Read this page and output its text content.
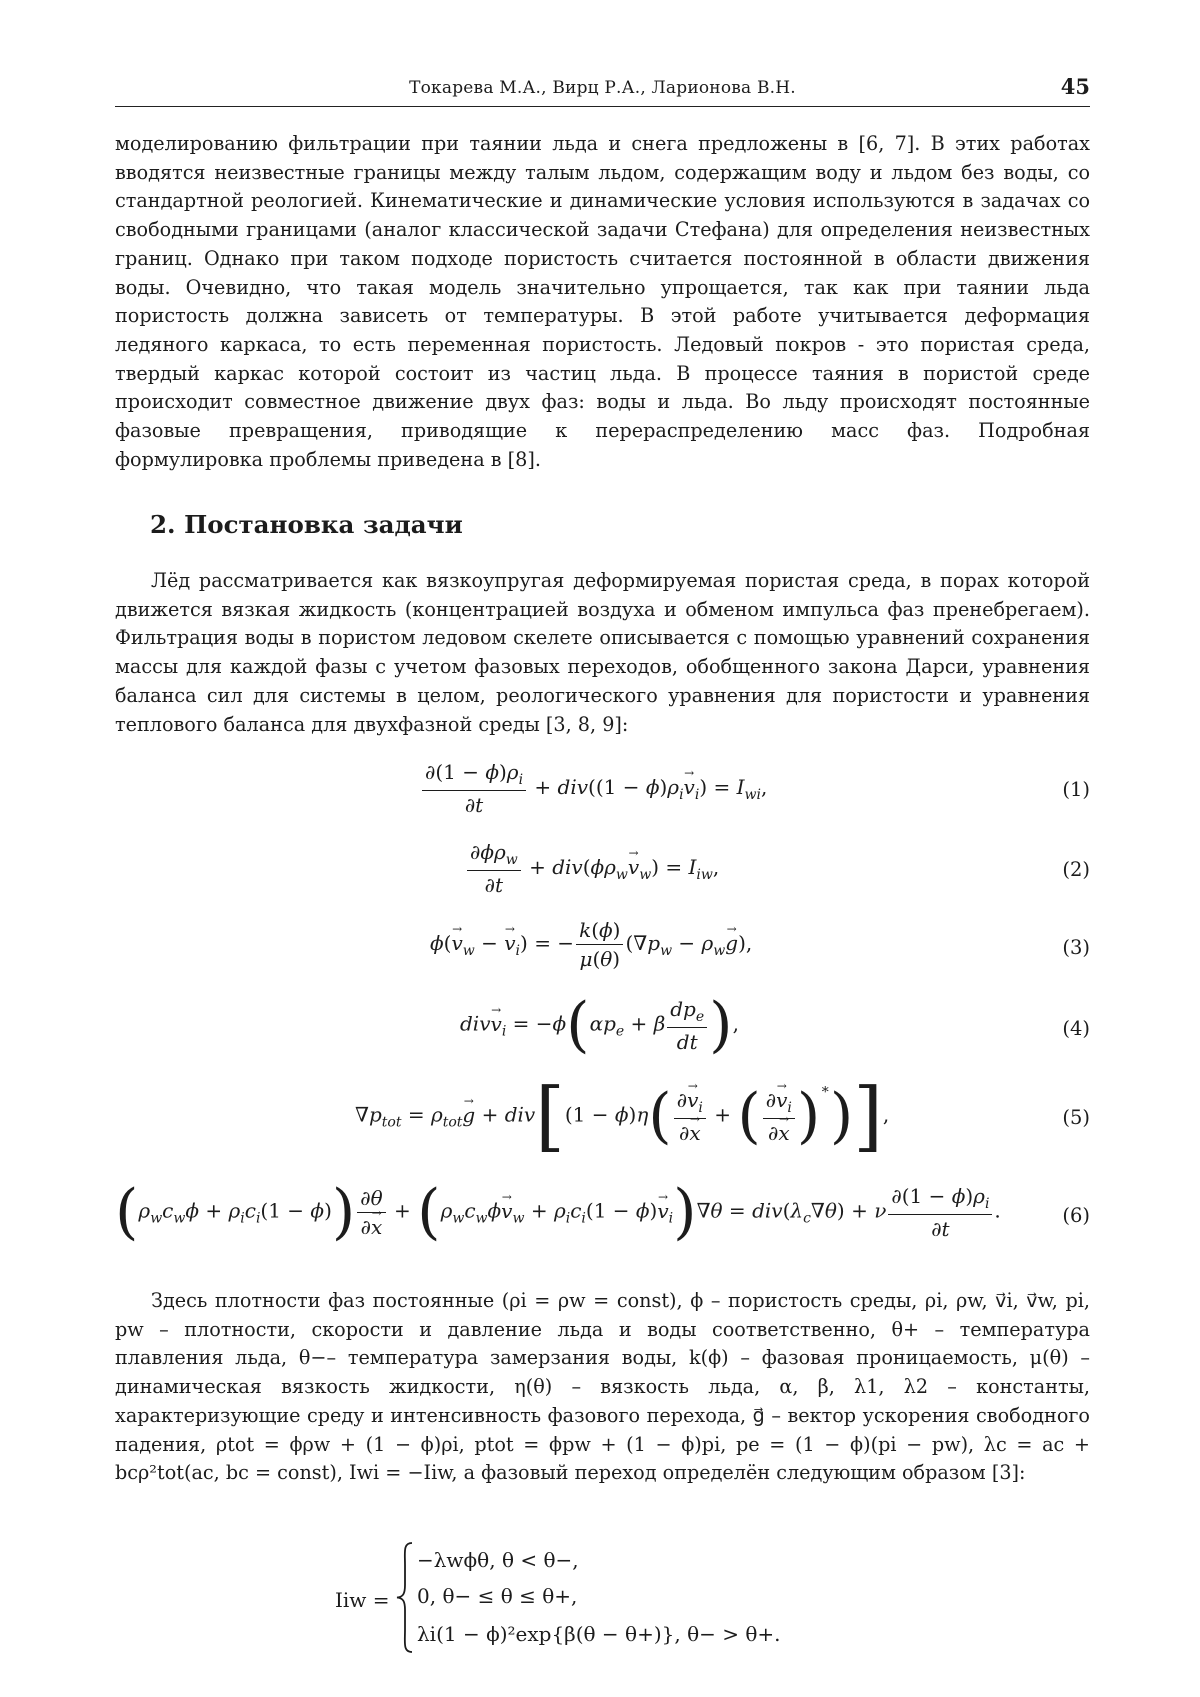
Токарева М.А., Вирц Р.А., Ларионова В.Н.	45

моделированию фильтрации при таянии льда и снега предложены в [6, 7]. В этих работах вводятся неизвестные границы между талым льдом, содержащим воду и льдом без воды, со стандартной реологией. Кинематические и динамические условия используются в задачах со свободными границами (аналог классической задачи Стефана) для определения неизвестных границ. Однако при таком подходе пористость считается постоянной в области движения воды. Очевидно, что такая модель значительно упрощается, так как при таянии льда пористость должна зависеть от температуры. В этой работе учитывается деформация ледяного каркаса, то есть переменная пористость. Ледовый покров - это пористая среда, твердый каркас которой состоит из частиц льда. В процессе таяния в пористой среде происходит совместное движение двух фаз: воды и льда. Во льду происходят постоянные фазовые превращения, приводящие к перераспределению масс фаз. Подробная формулировка проблемы приведена в [8].

2. Постановка задачи

Лёд рассматривается как вязкоупругая деформируемая пористая среда, в порах которой движется вязкая жидкость (концентрацией воздуха и обменом импульса фаз пренебрегаем). Фильтрация воды в пористом ледовом скелете описывается с помощью уравнений сохранения массы для каждой фазы с учетом фазовых переходов, обобщенного закона Дарси, уравнения баланса сил для системы в целом, реологического уравнения для пористости и уравнения теплового баланса для двухфазной среды [3, 8, 9]:

$\frac{\partial(1 - \phi)\rho_i}{\partial t} + div((1 - \phi)\rho_i\to v_i) = I_{wi}$,	(1)
$\frac{\partial\phi\rho_w}{\partial t} + div(\phi\rho_w\to v_w) = I_{iw}$,	(2)
$\phi(\to v_w$ − → $v_i$) = − $\frac{k(\phi)}{\mu(\theta)} (\nabla p_w - \rho_w\to g)$,	(3)
$div\to v_i = -\phi(\alpha p_e + \beta \frac{dp_e}{dt}$ ),	(4)
$\nabla p_{tot} = \rho_{tot}\to g + div[(1 - \phi)\eta( \frac{\partial\to v_i}{\partial\to x}$ + ( $\frac{\partial\to v_i}{\partial\to x} )^∗$)],	(5)
$(\rho_wc_w\phi + \rho_ic_i(1 - \phi)) \frac{\partial\theta}{\partial\to x} + (\rho_wc_w\phi\to v_w + \rho_ic_i(1 - \phi)\to v_i)\nabla\theta = div(\lambda_c\nabla\theta) + \nu \frac{\partial(1 - \phi)\rho_i}{\partial t}$ .	(6)

Здесь плотности фаз постоянные (ρi = ρw = const), ϕ – пористость среды, ρi, ρw, v⃗i, v⃗w, pi, pw – плотности, скорости и давление льда и воды соответственно, θ+ – температура плавления льда, θ−– температура замерзания воды, k(ϕ) – фазовая проницаемость, μ(θ) – динамическая вязкость жидкости, η(θ) – вязкость льда, α, β, λ1, λ2 – константы, характеризующие среду и интенсивность фазового перехода, g⃗ – вектор ускорения свободного падения, ρtot = ϕρw + (1 − ϕ)ρi, ptot = ϕpw + (1 − ϕ)pi, pe = (1 − ϕ)(pi − pw), λc = ac + bcρ²tot(ac, bc = const), Iwi = −Iiw, а фазовый переход определён следующим образом [3]:

Iiw =
−λwϕθ, θ < θ−,
0, θ− ≤ θ ≤ θ+,
λi(1 − ϕ)²exp{β(θ − θ+)}, θ− > θ+.
